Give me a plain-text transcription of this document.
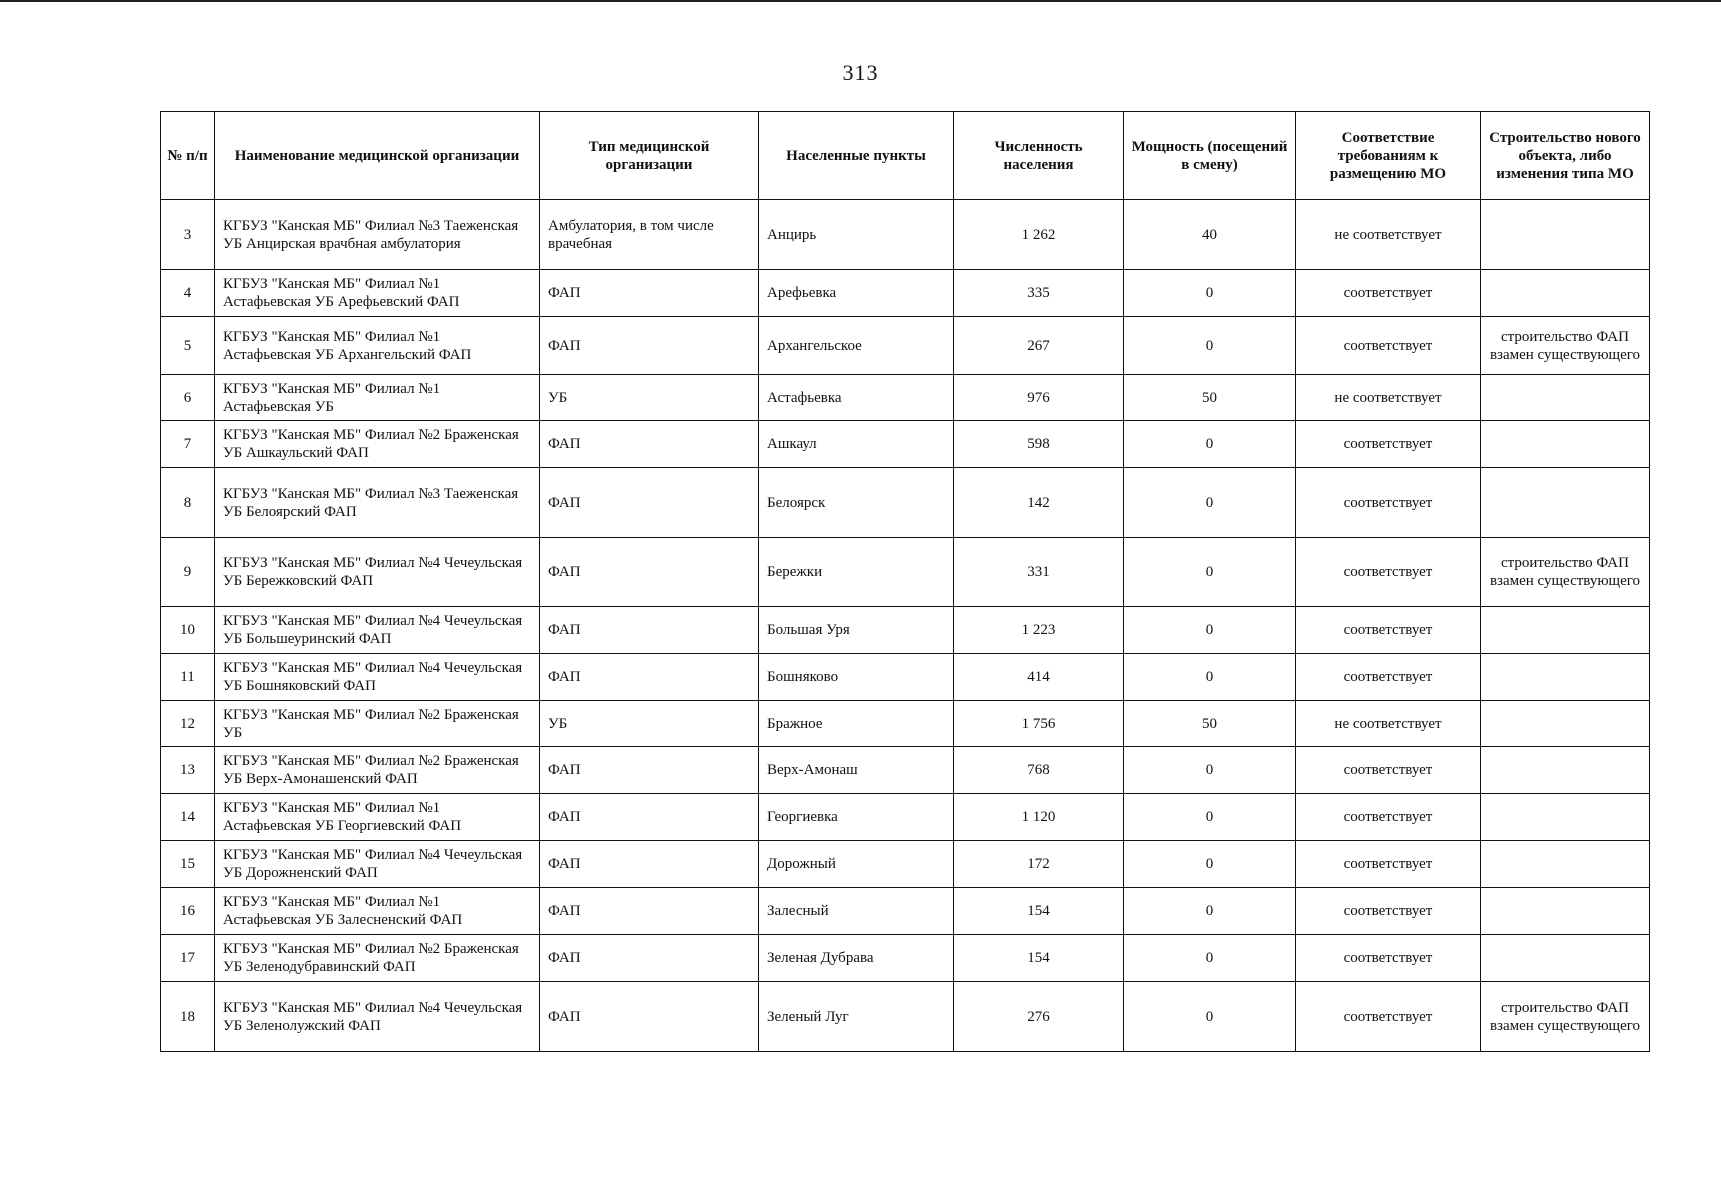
313
№ п/п	Наименование медицинской организации	Тип медицинской организации	Населенные пункты	Численность населения	Мощность (посещений в смену)	Соответствие требованиям к размещению МО	Строительство нового объекта, либо изменения типа МО
3	КГБУЗ "Канская МБ" Филиал №3 Таеженская УБ Анцирская врачбная амбулатория	Амбулатория, в том числе врачебная	Анцирь	1 262	40	не соответствует	
4	КГБУЗ "Канская МБ" Филиал №1 Астафьевская УБ Арефьевский ФАП	ФАП	Арефьевка	335	0	соответствует	
5	КГБУЗ "Канская МБ" Филиал №1 Астафьевская УБ Архангельский ФАП	ФАП	Архангельское	267	0	соответствует	строительство ФАП взамен существующего
6	КГБУЗ "Канская МБ" Филиал №1 Астафьевская УБ	УБ	Астафьевка	976	50	не соответствует	
7	КГБУЗ "Канская МБ" Филиал №2 Браженская УБ Ашкаульский ФАП	ФАП	Ашкаул	598	0	соответствует	
8	КГБУЗ "Канская МБ" Филиал №3 Таеженская УБ Белоярский ФАП	ФАП	Белоярск	142	0	соответствует	
9	КГБУЗ "Канская МБ" Филиал №4 Чечеульская УБ Бережковский ФАП	ФАП	Бережки	331	0	соответствует	строительство ФАП взамен существующего
10	КГБУЗ "Канская МБ" Филиал №4 Чечеульская УБ Большеуринский ФАП	ФАП	Большая Уря	1 223	0	соответствует	
11	КГБУЗ "Канская МБ" Филиал №4 Чечеульская УБ Бошняковский ФАП	ФАП	Бошняково	414	0	соответствует	
12	КГБУЗ "Канская МБ" Филиал №2 Браженская УБ	УБ	Бражное	1 756	50	не соответствует	
13	КГБУЗ "Канская МБ" Филиал №2 Браженская УБ Верх-Амонашенский ФАП	ФАП	Верх-Амонаш	768	0	соответствует	
14	КГБУЗ "Канская МБ" Филиал №1 Астафьевская УБ Георгиевский ФАП	ФАП	Георгиевка	1 120	0	соответствует	
15	КГБУЗ "Канская МБ" Филиал №4 Чечеульская УБ Дорожненский ФАП	ФАП	Дорожный	172	0	соответствует	
16	КГБУЗ "Канская МБ" Филиал №1 Астафьевская УБ Залесненский ФАП	ФАП	Залесный	154	0	соответствует	
17	КГБУЗ "Канская МБ" Филиал №2 Браженская УБ Зеленодубравинский ФАП	ФАП	Зеленая Дубрава	154	0	соответствует	
18	КГБУЗ "Канская МБ" Филиал №4 Чечеульская УБ Зеленолужский ФАП	ФАП	Зеленый Луг	276	0	соответствует	строительство ФАП взамен существующего
